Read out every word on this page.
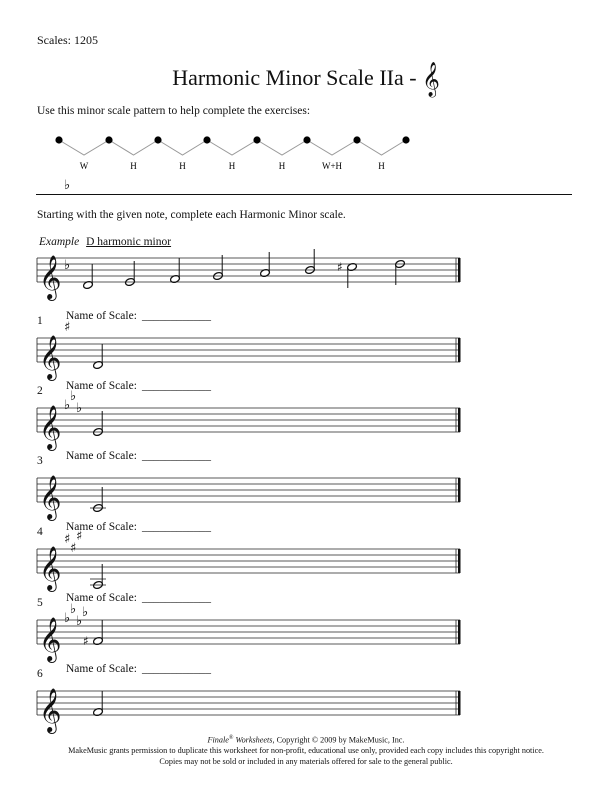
Scales: 1205
Harmonic Minor Scale IIa - 𝄞
Use this minor scale pattern to help complete the exercises:
W	H	H	H	H	W+H	H
Starting with the given note, complete each Harmonic Minor scale.
Example D harmonic minor
𝄞
♭
♯
1 Name of Scale: ____________
𝄞
♭
2 Name of Scale: ____________
𝄞
♯
3 Name of Scale: ____________
𝄞
♭
♭
♭
4 Name of Scale: ____________
𝄞
5 Name of Scale: ____________
𝄞
♯
♯
♯
♯
6 Name of Scale: ____________
𝄞
♭
♭
♭
♭
Finale® Worksheets, Copyright © 2009 by MakeMusic, Inc.
MakeMusic grants permission to duplicate this worksheet for non-profit, educational use only, provided each copy includes this copyright notice.
Copies may not be sold or included in any materials offered for sale to the general public.
